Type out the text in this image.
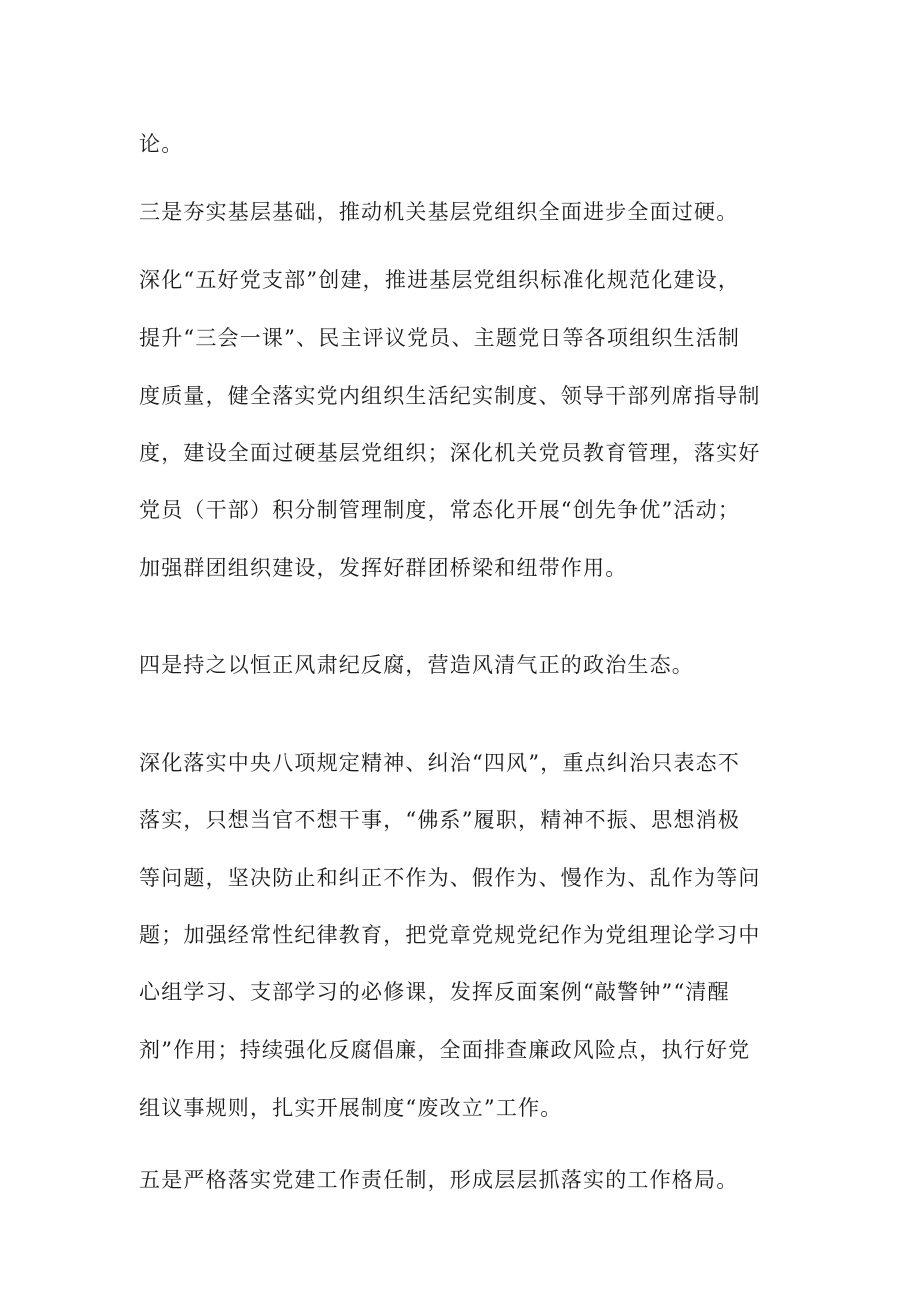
论。

三是夯实基层基础，推动机关基层党组织全面进步全面过硬。

深化“五好党支部”创建，推进基层党组织标准化规范化建设，

提升“三会一课”、民主评议党员、主题党日等各项组织生活制

度质量，健全落实党内组织生活纪实制度、领导干部列席指导制

度，建设全面过硬基层党组织；深化机关党员教育管理，落实好

党员（干部）积分制管理制度，常态化开展“创先争优”活动；

加强群团组织建设，发挥好群团桥梁和纽带作用。

四是持之以恒正风肃纪反腐，营造风清气正的政治生态。

深化落实中央八项规定精神、纠治“四风”，重点纠治只表态不

落实，只想当官不想干事，“佛系”履职，精神不振、思想消极

等问题，坚决防止和纠正不作为、假作为、慢作为、乱作为等问

题；加强经常性纪律教育，把党章党规党纪作为党组理论学习中

心组学习、支部学习的必修课，发挥反面案例“敲警钟”“清醒

剂”作用；持续强化反腐倡廉，全面排查廉政风险点，执行好党

组议事规则，扎实开展制度“废改立”工作。

五是严格落实党建工作责任制，形成层层抓落实的工作格局。
